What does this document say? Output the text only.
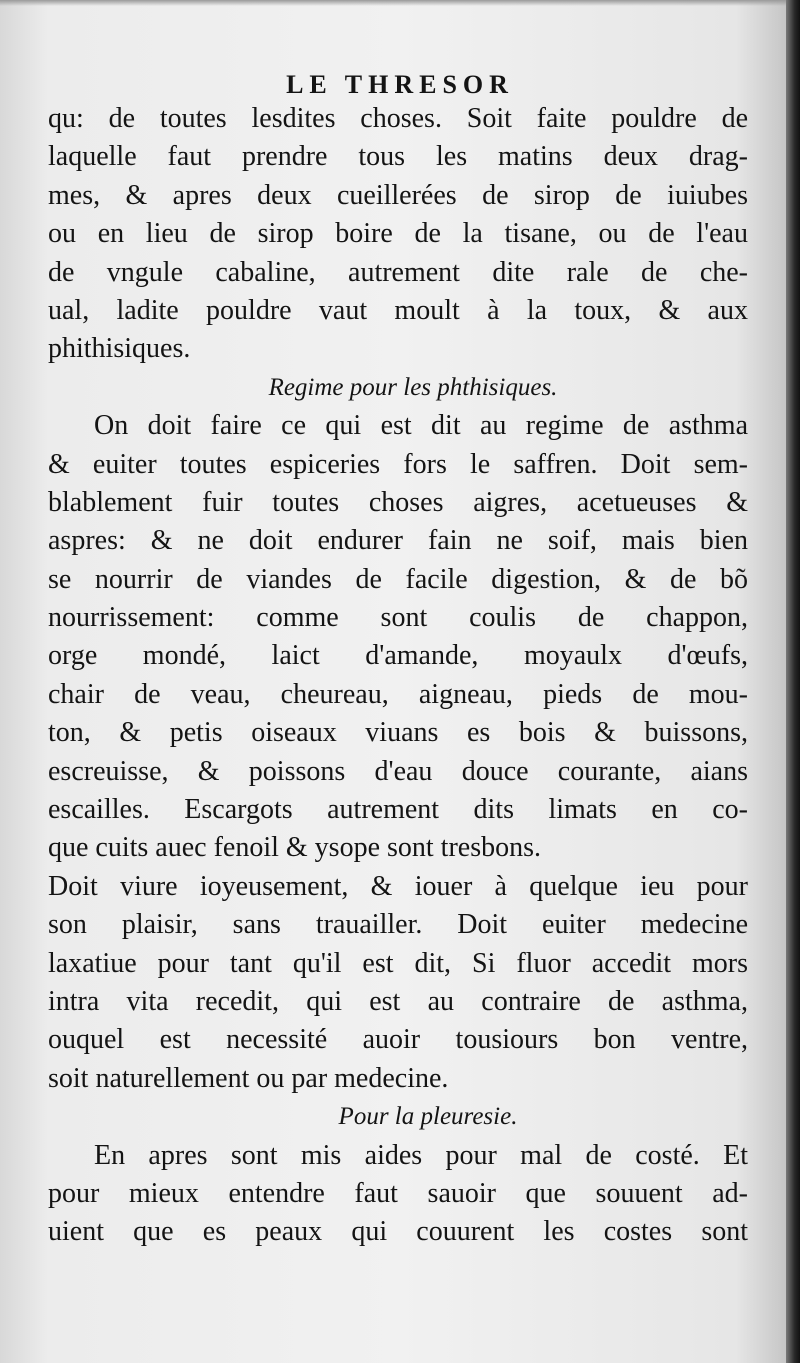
LE THRESOR
qu: de toutes lesdites choses. Soit faite pouldre de
laquelle faut prendre tous les matins deux drag-
mes, & apres deux cueillerées de sirop de iuiubes
ou en lieu de sirop boire de la tisane, ou de l'eau
de vngule cabaline, autrement dite rale de che-
ual, ladite pouldre vaut moult à la toux, & aux
phithisiques.
Regime pour les phthisiques.
On doit faire ce qui est dit au regime de asthma
& euiter toutes espiceries fors le saffren. Doit sem-
blablement fuir toutes choses aigres, acetueuses &
aspres: & ne doit endurer fain ne soif, mais bien
se nourrir de viandes de facile digestion, & de bõ
nourrissement: comme sont coulis de chappon,
orge mondé, laict d'amande, moyaulx d'œufs,
chair de veau, cheureau, aigneau, pieds de mou-
ton, & petis oiseaux viuans es bois & buissons,
escreuisse, & poissons d'eau douce courante, aians
escailles. Escargots autrement dits limats en co-
que cuits auec fenoil & ysope sont tresbons.
Doit viure ioyeusement, & iouer à quelque ieu pour
son plaisir, sans trauailler. Doit euiter medecine
laxatiue pour tant qu'il est dit, Si fluor accedit mors
intra vita recedit, qui est au contraire de asthma,
ouquel est necessité auoir tousiours bon ventre,
soit naturellement ou par medecine.
Pour la pleuresie.
En apres sont mis aides pour mal de costé. Et
pour mieux entendre faut sauoir que souuent ad-
uient que es peaux qui couurent les costes sont
